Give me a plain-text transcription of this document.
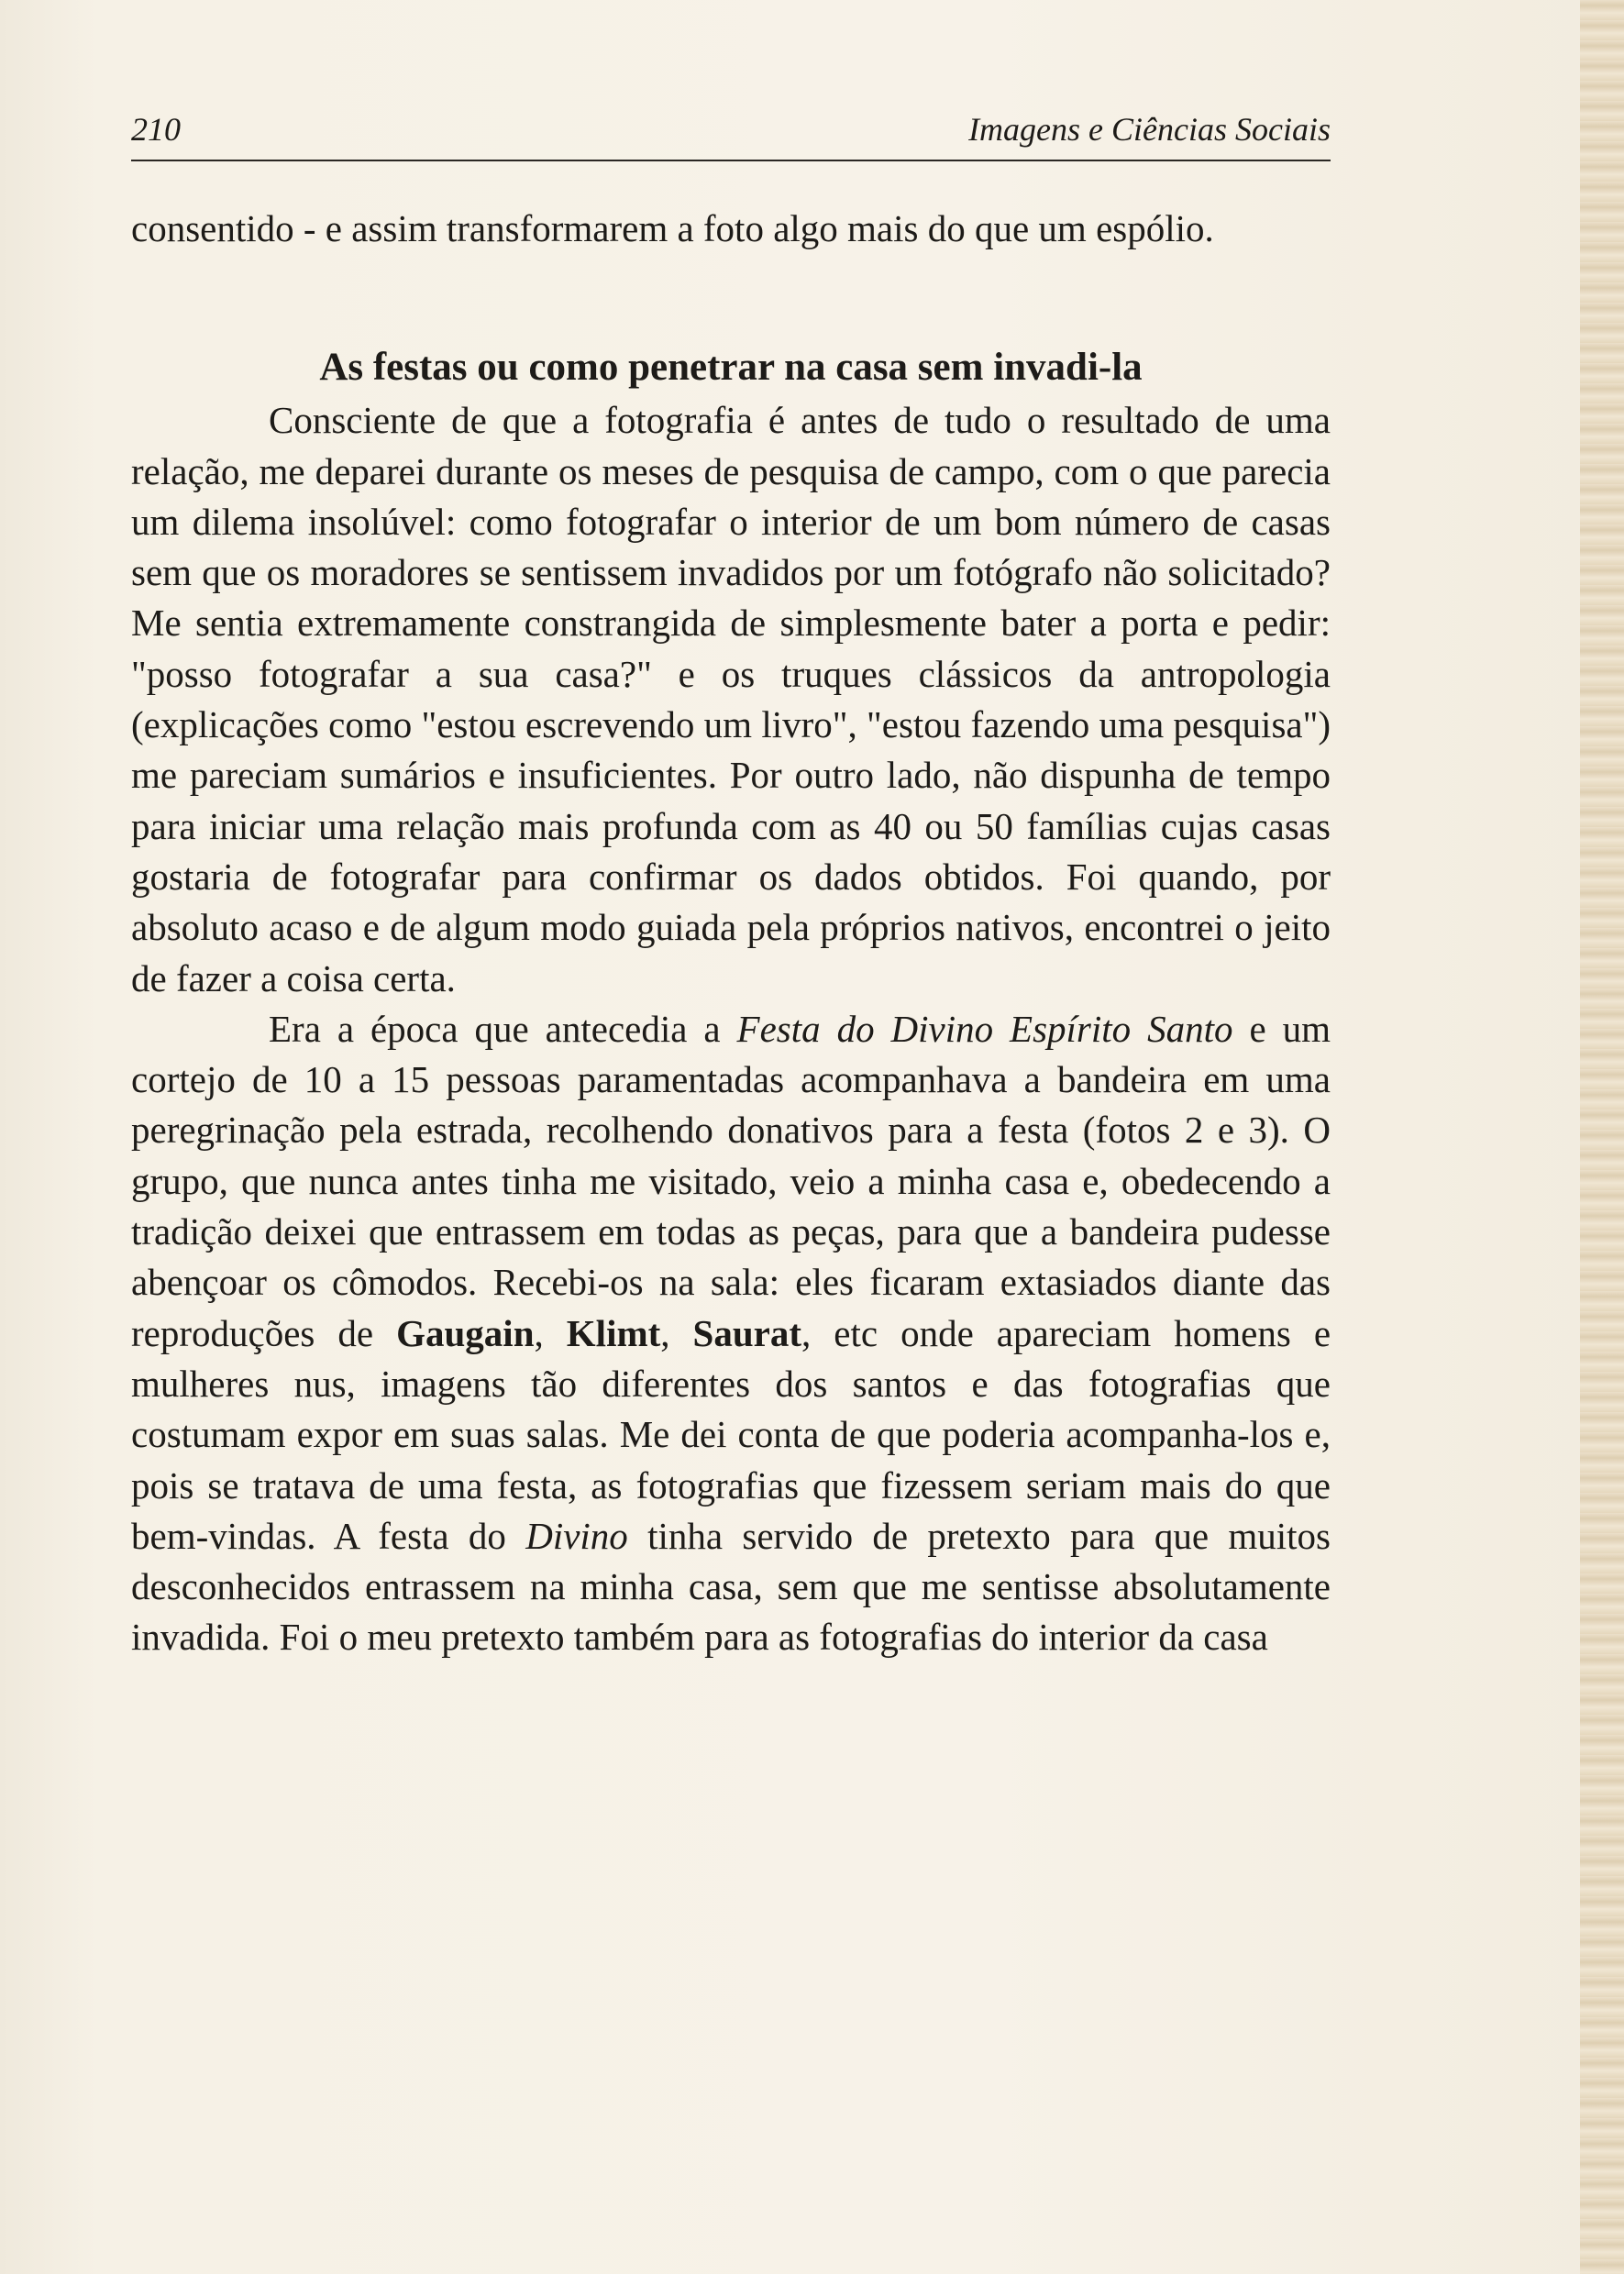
210	Imagens e Ciências Sociais

consentido - e assim transformarem a foto algo mais do que um espólio.

As festas ou como penetrar na casa sem invadi-la

Consciente de que a fotografia é antes de tudo o resultado de uma relação, me deparei durante os meses de pesquisa de campo, com o que parecia um dilema insolúvel: como fotografar o interior de um bom número de casas sem que os moradores se sentissem invadidos por um fotógrafo não solicitado? Me sentia extremamente constrangida de simplesmente bater a porta e pedir: "posso fotografar a sua casa?" e os truques clássicos da antropologia (explicações como "estou escrevendo um livro", "estou fazendo uma pesquisa") me pareciam sumários e insuficientes. Por outro lado, não dispunha de tempo para iniciar uma relação mais profunda com as 40 ou 50 famílias cujas casas gostaria de fotografar para confirmar os dados obtidos. Foi quando, por absoluto acaso e de algum modo guiada pela próprios nativos, encontrei o jeito de fazer a coisa certa.

Era a época que antecedia a Festa do Divino Espírito Santo e um cortejo de 10 a 15 pessoas paramentadas acompanhava a bandeira em uma peregrinação pela estrada, recolhendo donativos para a festa (fotos 2 e 3). O grupo, que nunca antes tinha me visitado, veio a minha casa e, obedecendo a tradição deixei que entrassem em todas as peças, para que a bandeira pudesse abençoar os cômodos. Recebi-os na sala: eles ficaram extasiados diante das reproduções de Gaugain, Klimt, Saurat, etc onde apareciam homens e mulheres nus, imagens tão diferentes dos santos e das fotografias que costumam expor em suas salas. Me dei conta de que poderia acompanha-los e, pois se tratava de uma festa, as fotografias que fizessem seriam mais do que bem-vindas. A festa do Divino tinha servido de pretexto para que muitos desconhecidos entrassem na minha casa, sem que me sentisse absolutamente invadida. Foi o meu pretexto também para as fotografias do interior da casa
